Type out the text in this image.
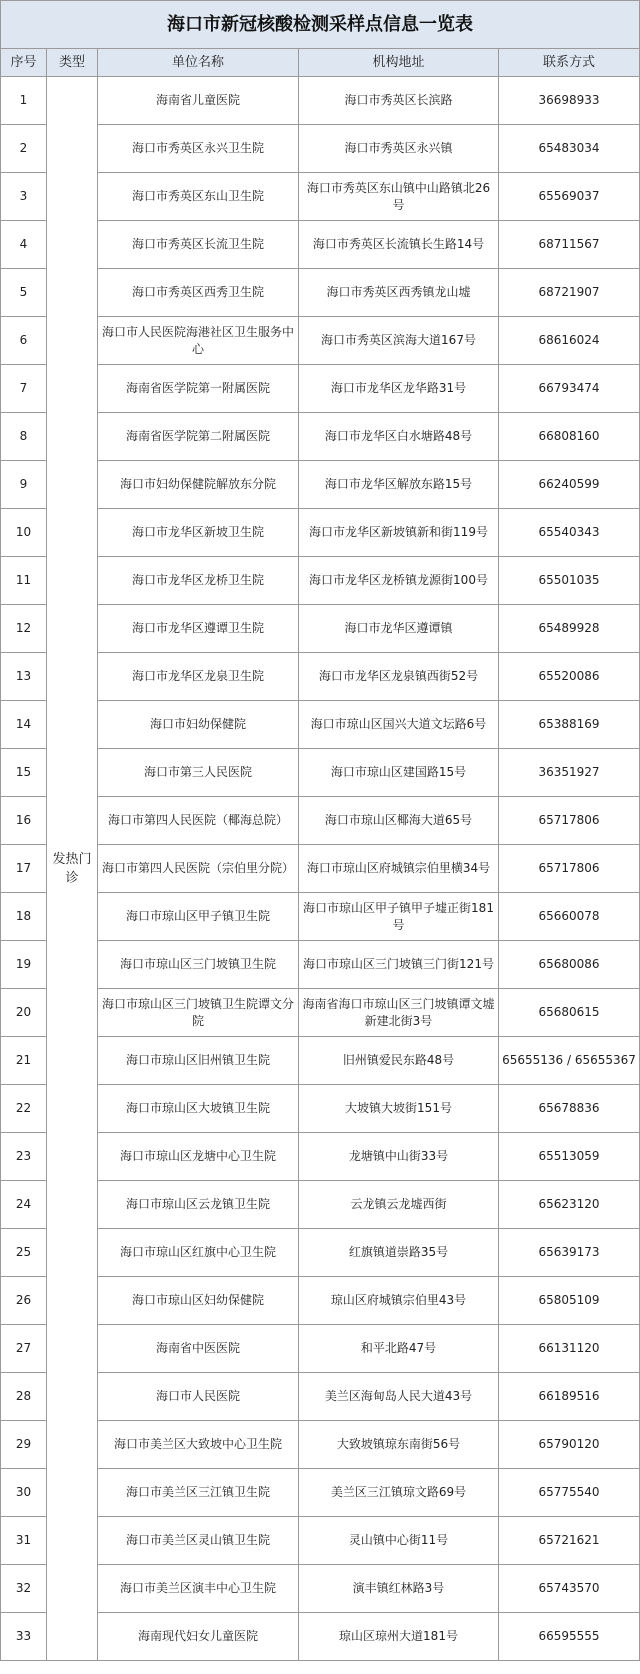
海口市新冠核酸检测采样点信息一览表				
序号	类型	单位名称	机构地址	联系方式
1	发热门诊	海南省儿童医院	海口市秀英区长滨路	36698933
2		海口市秀英区永兴卫生院	海口市秀英区永兴镇	65483034
3		海口市秀英区东山卫生院	海口市秀英区东山镇中山路镇北26号	65569037
4		海口市秀英区长流卫生院	海口市秀英区长流镇长生路14号	68711567
5		海口市秀英区西秀卫生院	海口市秀英区西秀镇龙山墟	68721907
6		海口市人民医院海港社区卫生服务中心	海口市秀英区滨海大道167号	68616024
7		海南省医学院第一附属医院	海口市龙华区龙华路31号	66793474
8		海南省医学院第二附属医院	海口市龙华区白水塘路48号	66808160
9		海口市妇幼保健院解放东分院	海口市龙华区解放东路15号	66240599
10		海口市龙华区新坡卫生院	海口市龙华区新坡镇新和街119号	65540343
11		海口市龙华区龙桥卫生院	海口市龙华区龙桥镇龙源街100号	65501035
12		海口市龙华区遵谭卫生院	海口市龙华区遵谭镇	65489928
13		海口市龙华区龙泉卫生院	海口市龙华区龙泉镇西街52号	65520086
14		海口市妇幼保健院	海口市琼山区国兴大道文坛路6号	65388169
15		海口市第三人民医院	海口市琼山区建国路15号	36351927
16		海口市第四人民医院（椰海总院）	海口市琼山区椰海大道65号	65717806
17		海口市第四人民医院（宗伯里分院）	海口市琼山区府城镇宗伯里横34号	65717806
18		海口市琼山区甲子镇卫生院	海口市琼山区甲子镇甲子墟正街181号	65660078
19		海口市琼山区三门坡镇卫生院	海口市琼山区三门坡镇三门街121号	65680086
20		海口市琼山区三门坡镇卫生院谭文分院	海南省海口市琼山区三门坡镇谭文墟新建北街3号	65680615
21		海口市琼山区旧州镇卫生院	旧州镇爱民东路48号	65655136 / 65655367
22		海口市琼山区大坡镇卫生院	大坡镇大坡街151号	65678836
23		海口市琼山区龙塘中心卫生院	龙塘镇中山街33号	65513059
24		海口市琼山区云龙镇卫生院	云龙镇云龙墟西街	65623120
25		海口市琼山区红旗中心卫生院	红旗镇道崇路35号	65639173
26		海口市琼山区妇幼保健院	琼山区府城镇宗伯里43号	65805109
27		海南省中医医院	和平北路47号	66131120
28		海口市人民医院	美兰区海甸岛人民大道43号	66189516
29		海口市美兰区大致坡中心卫生院	大致坡镇琼东南街56号	65790120
30		海口市美兰区三江镇卫生院	美兰区三江镇琼文路69号	65775540
31		海口市美兰区灵山镇卫生院	灵山镇中心街11号	65721621
32		海口市美兰区演丰中心卫生院	演丰镇红林路3号	65743570
33		海南现代妇女儿童医院	琼山区琼州大道181号	66595555
